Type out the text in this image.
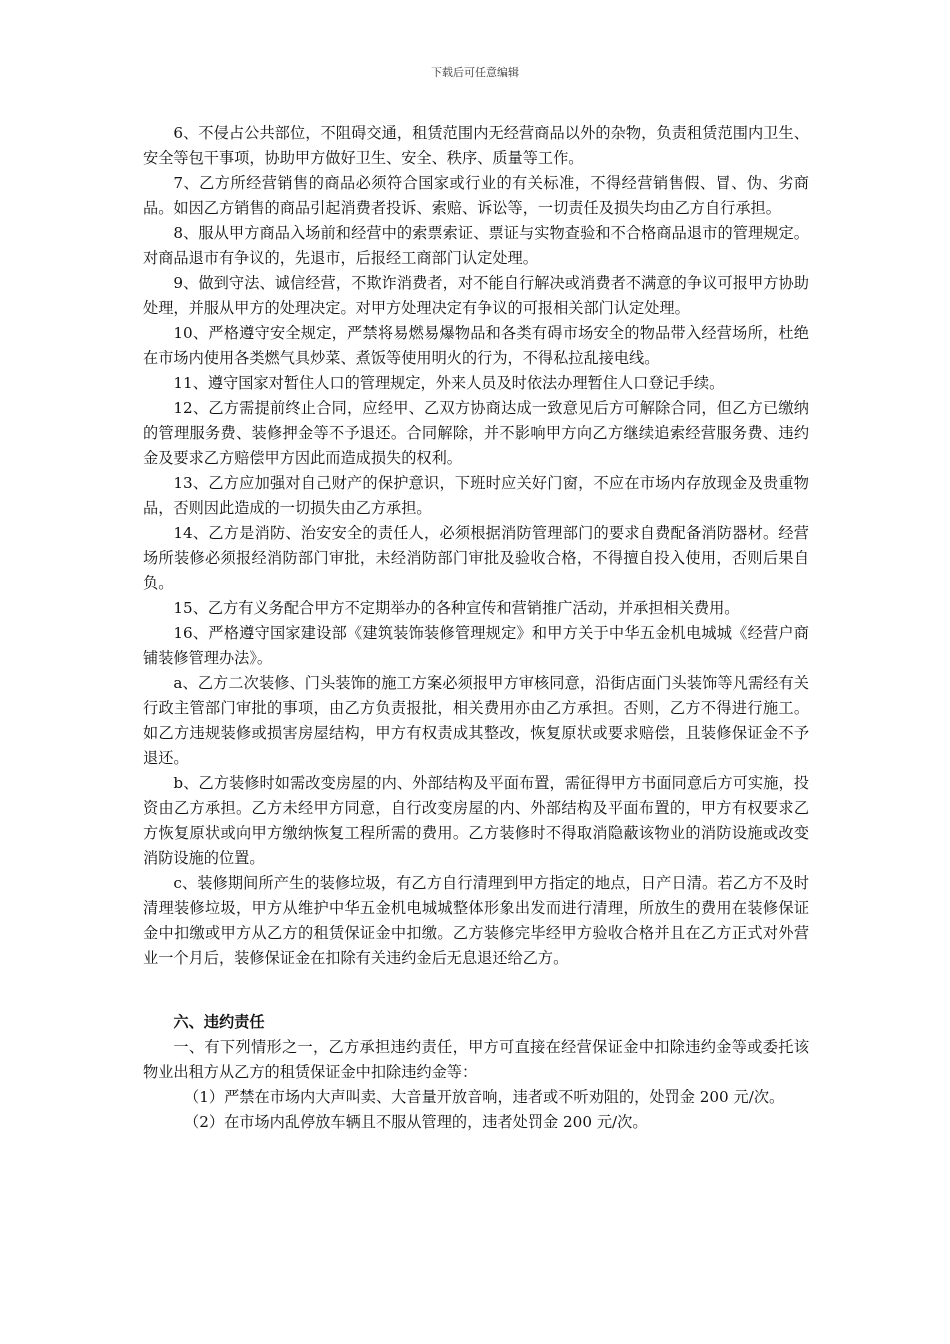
下载后可任意编辑

6、不侵占公共部位，不阻碍交通，租赁范围内无经营商品以外的杂物，负责租赁范围内卫生、安全等包干事项，协助甲方做好卫生、安全、秩序、质量等工作。

7、乙方所经营销售的商品必须符合国家或行业的有关标准，不得经营销售假、冒、伪、劣商品。如因乙方销售的商品引起消费者投诉、索赔、诉讼等，一切责任及损失均由乙方自行承担。

8、服从甲方商品入场前和经营中的索票索证、票证与实物查验和不合格商品退市的管理规定。对商品退市有争议的，先退市，后报经工商部门认定处理。

9、做到守法、诚信经营，不欺诈消费者，对不能自行解决或消费者不满意的争议可报甲方协助处理，并服从甲方的处理决定。对甲方处理决定有争议的可报相关部门认定处理。

10、严格遵守安全规定，严禁将易燃易爆物品和各类有碍市场安全的物品带入经营场所，杜绝在市场内使用各类燃气具炒菜、煮饭等使用明火的行为，不得私拉乱接电线。

11、遵守国家对暂住人口的管理规定，外来人员及时依法办理暂住人口登记手续。

12、乙方需提前终止合同，应经甲、乙双方协商达成一致意见后方可解除合同，但乙方已缴纳的管理服务费、装修押金等不予退还。合同解除，并不影响甲方向乙方继续追索经营服务费、违约金及要求乙方赔偿甲方因此而造成损失的权利。

13、乙方应加强对自己财产的保护意识，下班时应关好门窗，不应在市场内存放现金及贵重物品，否则因此造成的一切损失由乙方承担。

14、乙方是消防、治安安全的责任人，必须根据消防管理部门的要求自费配备消防器材。经营场所装修必须报经消防部门审批，未经消防部门审批及验收合格，不得擅自投入使用，否则后果自负。

15、乙方有义务配合甲方不定期举办的各种宣传和营销推广活动，并承担相关费用。

16、严格遵守国家建设部《建筑装饰装修管理规定》和甲方关于中华五金机电城城《经营户商铺装修管理办法》。

a、乙方二次装修、门头装饰的施工方案必须报甲方审核同意，沿街店面门头装饰等凡需经有关行政主管部门审批的事项，由乙方负责报批，相关费用亦由乙方承担。否则，乙方不得进行施工。如乙方违规装修或损害房屋结构，甲方有权责成其整改，恢复原状或要求赔偿，且装修保证金不予退还。

b、乙方装修时如需改变房屋的内、外部结构及平面布置，需征得甲方书面同意后方可实施，投资由乙方承担。乙方未经甲方同意，自行改变房屋的内、外部结构及平面布置的，甲方有权要求乙方恢复原状或向甲方缴纳恢复工程所需的费用。乙方装修时不得取消隐蔽该物业的消防设施或改变消防设施的位置。

c、装修期间所产生的装修垃圾，有乙方自行清理到甲方指定的地点，日产日清。若乙方不及时清理装修垃圾，甲方从维护中华五金机电城城整体形象出发而进行清理，所放生的费用在装修保证金中扣缴或甲方从乙方的租赁保证金中扣缴。乙方装修完毕经甲方验收合格并且在乙方正式对外营业一个月后，装修保证金在扣除有关违约金后无息退还给乙方。

六、违约责任

一、有下列情形之一，乙方承担违约责任，甲方可直接在经营保证金中扣除违约金等或委托该物业出租方从乙方的租赁保证金中扣除违约金等：

（1）严禁在市场内大声叫卖、大音量开放音响，违者或不听劝阻的，处罚金 200 元/次。

（2）在市场内乱停放车辆且不服从管理的，违者处罚金 200 元/次。
